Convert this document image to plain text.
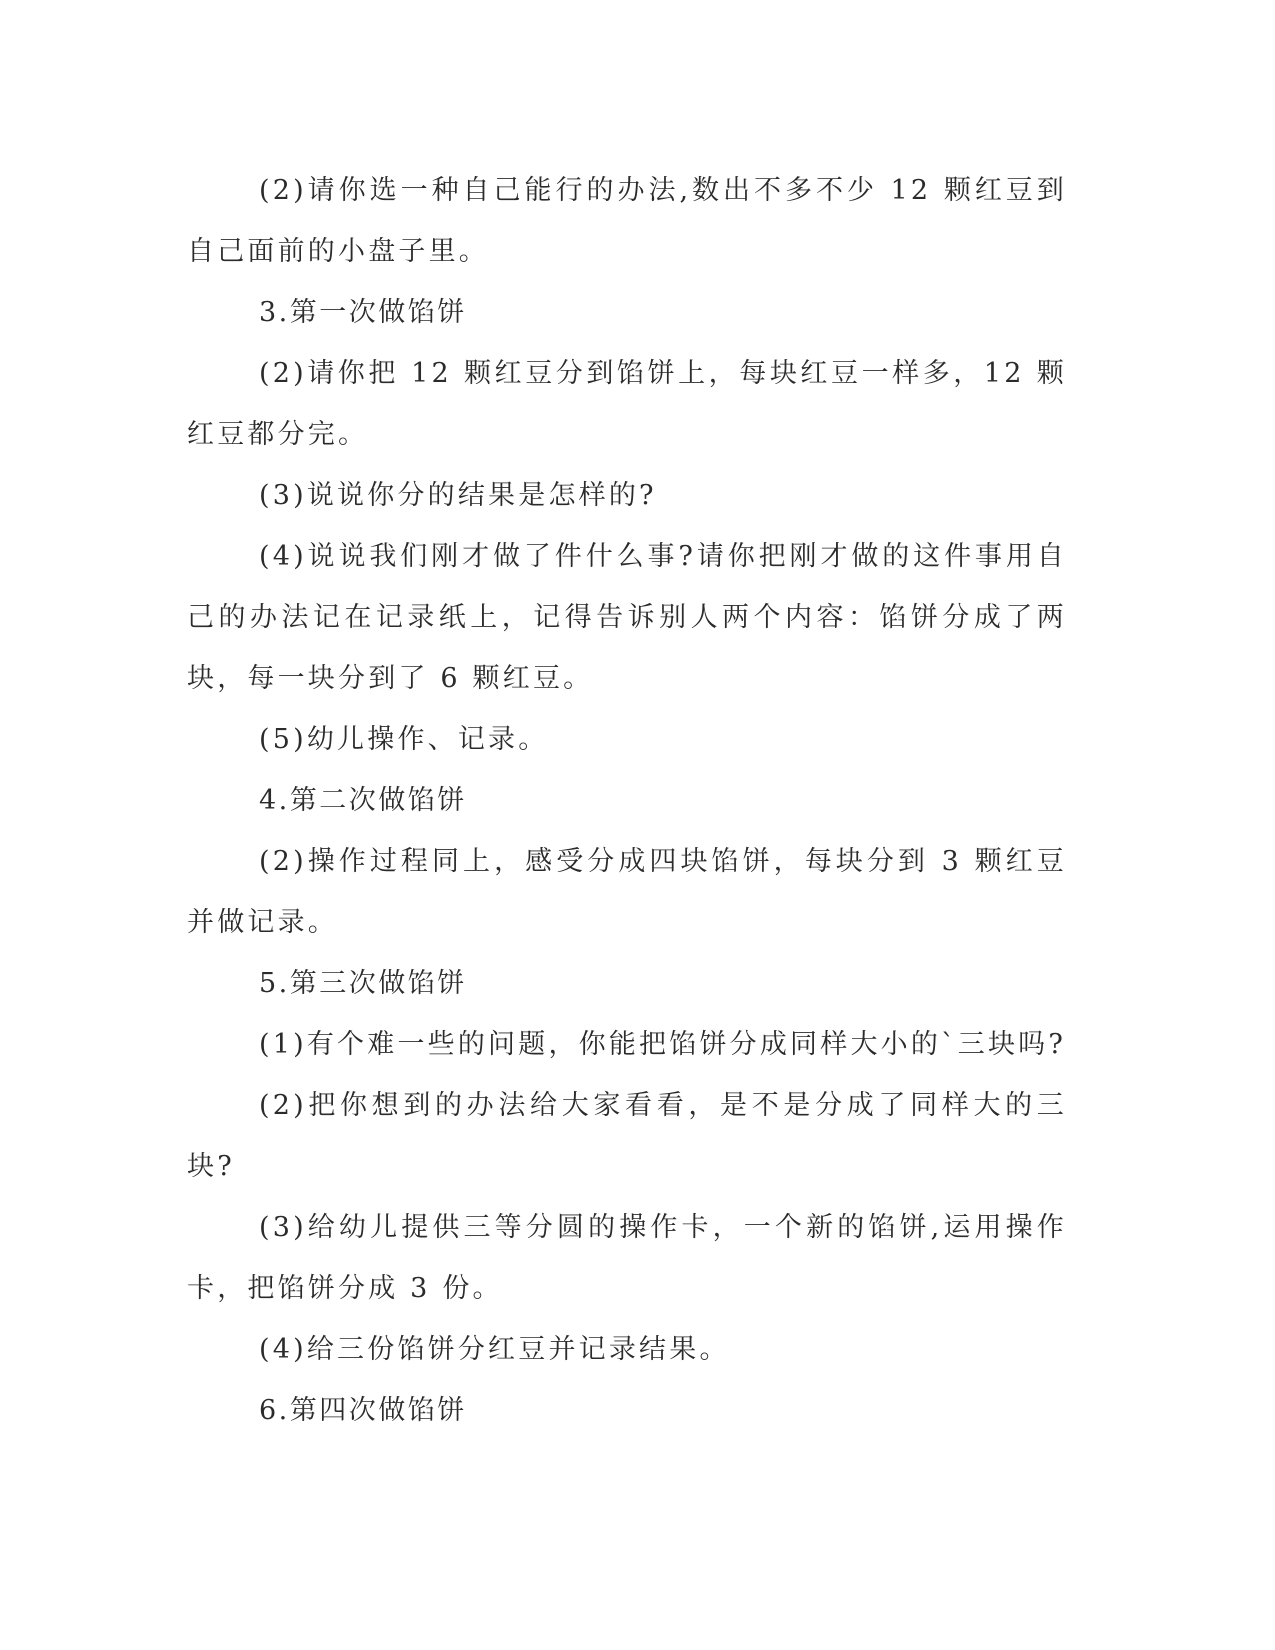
(2)请你选一种自己能行的办法,数出不多不少 12 颗红豆到自己面前的小盘子里。

3.第一次做馅饼

(2)请你把 12 颗红豆分到馅饼上，每块红豆一样多，12 颗红豆都分完。

(3)说说你分的结果是怎样的?

(4)说说我们刚才做了件什么事?请你把刚才做的这件事用自己的办法记在记录纸上，记得告诉别人两个内容：馅饼分成了两块，每一块分到了 6 颗红豆。

(5)幼儿操作、记录。

4.第二次做馅饼

(2)操作过程同上，感受分成四块馅饼，每块分到 3 颗红豆并做记录。

5.第三次做馅饼

(1)有个难一些的问题，你能把馅饼分成同样大小的`三块吗?

(2)把你想到的办法给大家看看，是不是分成了同样大的三块?

(3)给幼儿提供三等分圆的操作卡，一个新的馅饼,运用操作卡，把馅饼分成 3 份。

(4)给三份馅饼分红豆并记录结果。

6.第四次做馅饼
